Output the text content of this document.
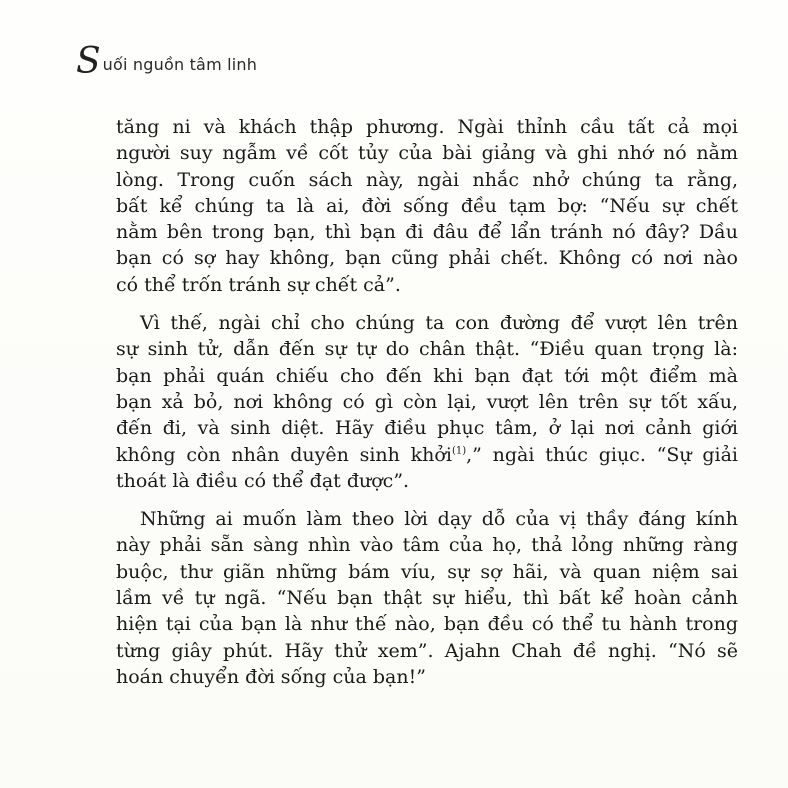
S uối nguồn tâm linh

tăng ni và khách thập phương. Ngài thỉnh cầu tất cả mọi
người suy ngẫm về cốt tủy của bài giảng và ghi nhớ nó nằm
lòng. Trong cuốn sách này, ngài nhắc nhở chúng ta rằng,
bất kể chúng ta là ai, đời sống đều tạm bợ: “Nếu sự chết
nằm bên trong bạn, thì bạn đi đâu để lẩn tránh nó đây? Dầu
bạn có sợ hay không, bạn cũng phải chết. Không có nơi nào
có thể trốn tránh sự chết cả”.

Vì thế, ngài chỉ cho chúng ta con đường để vượt lên trên
sự sinh tử, dẫn đến sự tự do chân thật. “Điều quan trọng là:
bạn phải quán chiếu cho đến khi bạn đạt tới một điểm mà
bạn xả bỏ, nơi không có gì còn lại, vượt lên trên sự tốt xấu,
đến đi, và sinh diệt. Hãy điều phục tâm, ở lại nơi cảnh giới
không còn nhân duyên sinh khởi$^{(1)}$,” ngài thúc giục. “Sự giải
thoát là điều có thể đạt được”.

Những ai muốn làm theo lời dạy dỗ của vị thầy đáng kính
này phải sẵn sàng nhìn vào tâm của họ, thả lỏng những ràng
buộc, thư giãn những bám víu, sự sợ hãi, và quan niệm sai
lầm về tự ngã. “Nếu bạn thật sự hiểu, thì bất kể hoàn cảnh
hiện tại của bạn là như thế nào, bạn đều có thể tu hành trong
từng giây phút. Hãy thử xem”. Ajahn Chah đề nghị. “Nó sẽ
hoán chuyển đời sống của bạn!”
